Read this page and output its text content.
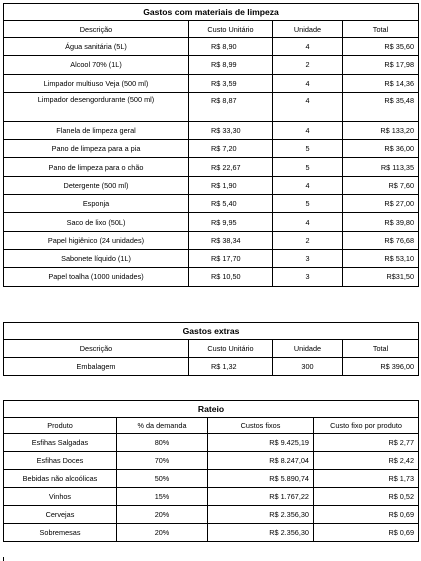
Gastos com materiais de limpeza			
Descrição	Custo Unitário	Unidade	Total
Água sanitária (5L)	R$ 8,90	4	R$ 35,60
Alcool 70% (1L)	R$ 8,99	2	R$ 17,98
Limpador multiuso Veja (500 ml)	R$ 3,59	4	R$ 14,36
Limpador desengordurante (500 ml)	R$ 8,87	4	R$ 35,48
Flanela de limpeza geral	R$ 33,30	4	R$ 133,20
Pano de limpeza para a pia	R$ 7,20	5	R$ 36,00
Pano de limpeza para o chão	R$ 22,67	5	R$ 113,35
Detergente (500 ml)	R$ 1,90	4	R$ 7,60
Esponja	R$ 5,40	5	R$ 27,00
Saco de lixo (50L)	R$ 9,95	4	R$ 39,80
Papel higiênico (24 unidades)	R$ 38,34	2	R$ 76,68
Sabonete líquido (1L)	R$ 17,70	3	R$ 53,10
Papel toalha (1000 unidades)	R$ 10,50	3	R$31,50
Gastos extras			
Descrição	Custo Unitário	Unidade	Total
Embalagem	R$ 1,32	300	R$ 396,00
Rateio			
Produto	% da demanda	Custos fixos	Custo fixo por produto
Esfihas Salgadas	80%	R$ 9.425,19	R$ 2,77
Esfihas Doces	70%	R$ 8.247,04	R$ 2,42
Bebidas não alcoólicas	50%	R$ 5.890,74	R$ 1,73
Vinhos	15%	R$ 1.767,22	R$ 0,52
Cervejas	20%	R$ 2.356,30	R$ 0,69
Sobremesas	20%	R$ 2.356,30	R$ 0,69
